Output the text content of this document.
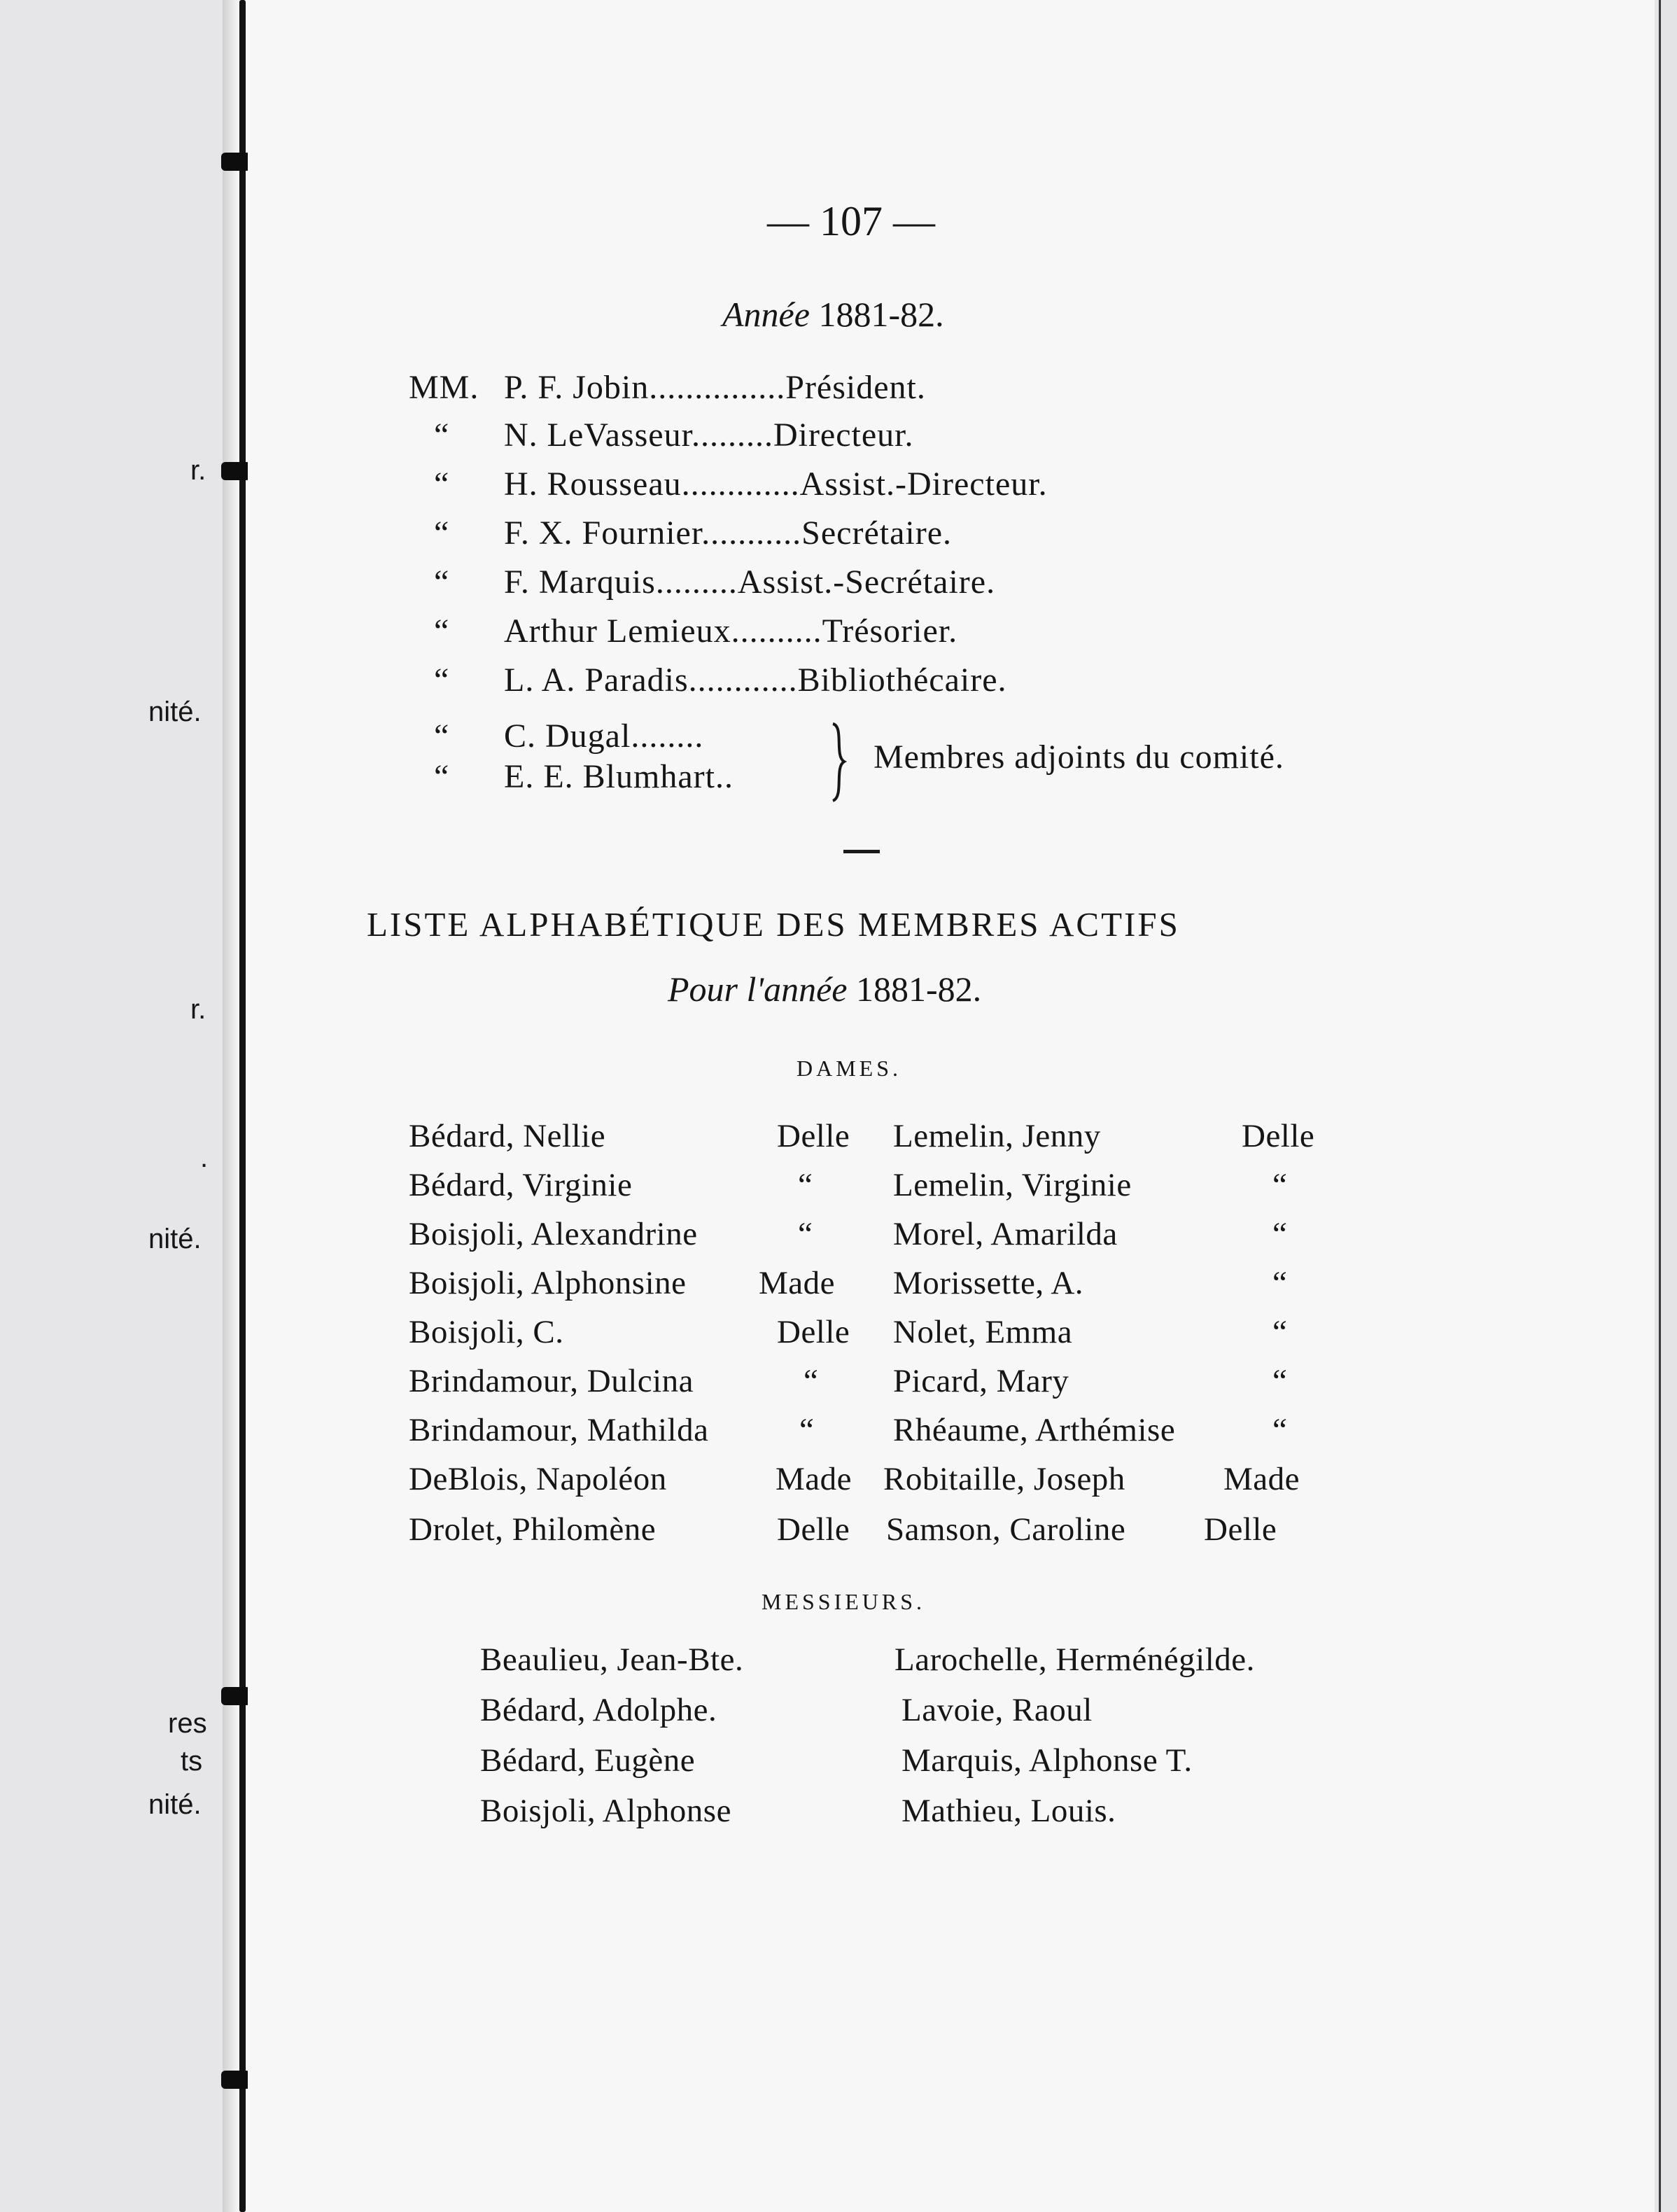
r.
nité.
nité.
r.
.
res
ts
nité.
— 107 —
Année 1881-82.
MM. P. F. Jobin...............Président.
“ N. LeVasseur.........Directeur.
“ H. Rousseau.............Assist.-Directeur.
“ F. X. Fournier...........Secrétaire.
“ F. Marquis.........Assist.-Secrétaire.
“ Arthur Lemieux..........Trésorier.
“ L. A. Paradis............Bibliothécaire.
“ C. Dugal........
“ E. E. Blumhart..
Membres adjoints du comité.
LISTE ALPHABÉTIQUE DES MEMBRES ACTIFS
Pour l'année 1881-82.
DAMES.
Bédard, Nellie	Delle Lemelin, Jenny	Delle
Bédard, Virginie	“ Lemelin, Virginie	“
Boisjoli, Alexandrine	“ Morel, Amarilda	“
Boisjoli, Alphonsine Made Morissette, A.	“
Boisjoli, C.	Delle Nolet, Emma	“
Brindamour, Dulcina	“ Picard, Mary	“
Brindamour, Mathilda	“ Rhéaume, Arthémise	“
DeBlois, Napoléon	Made Robitaille, Joseph	Made
Drolet, Philomène	Delle Samson, Caroline Delle
MESSIEURS.
Beaulieu, Jean-Bte.	Larochelle, Herménégilde.
Bédard, Adolphe.	Lavoie, Raoul
Bédard, Eugène	Marquis, Alphonse T.
Boisjoli, Alphonse	Mathieu, Louis.
